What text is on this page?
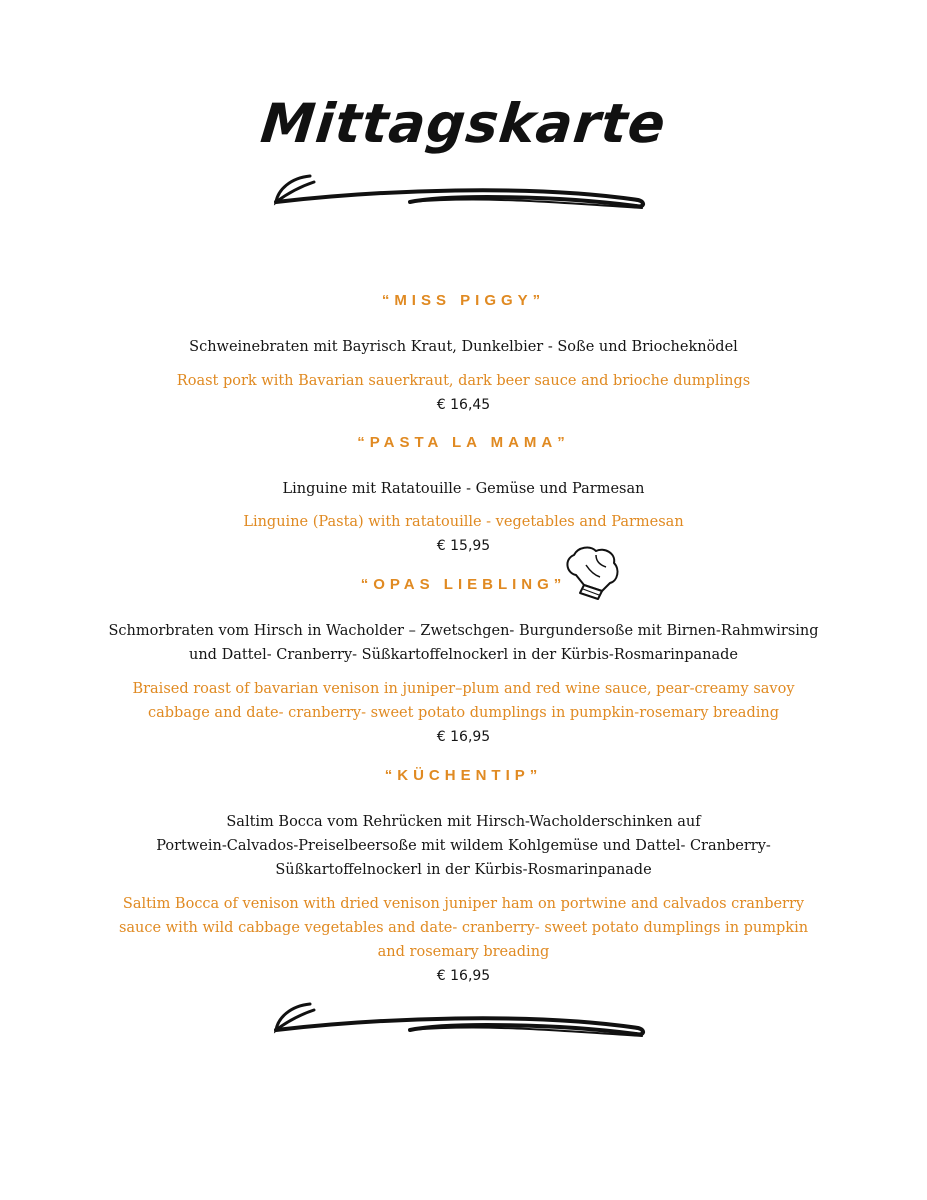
Mittagskarte
“MISS PIGGY”
Schweinebraten mit Bayrisch Kraut, Dunkelbier - Soße und Briocheknödel
Roast pork with Bavarian sauerkraut, dark beer sauce and brioche dumplings
€ 16,45
“PASTA LA MAMA”
Linguine mit Ratatouille - Gemüse und Parmesan
Linguine (Pasta) with ratatouille - vegetables and Parmesan
€ 15,95
“OPAS LIEBLING”
Schmorbraten vom Hirsch in Wacholder – Zwetschgen- Burgundersoße mit Birnen-Rahmwirsing
und Dattel- Cranberry- Süßkartoffelnockerl in der Kürbis-Rosmarinpanade
Braised roast of bavarian venison in juniper–plum and red wine sauce, pear-creamy savoy
cabbage and date- cranberry- sweet potato dumplings in pumpkin-rosemary breading
€ 16,95
“KÜCHENTIP”
Saltim Bocca vom Rehrücken mit Hirsch-Wacholderschinken auf
Portwein-Calvados-Preiselbeersoße mit wildem Kohlgemüse und Dattel- Cranberry-
Süßkartoffelnockerl in der Kürbis-Rosmarinpanade
Saltim Bocca of venison with dried venison juniper ham on portwine and calvados cranberry
sauce with wild cabbage vegetables and date- cranberry- sweet potato dumplings in pumpkin
and rosemary breading
€ 16,95
